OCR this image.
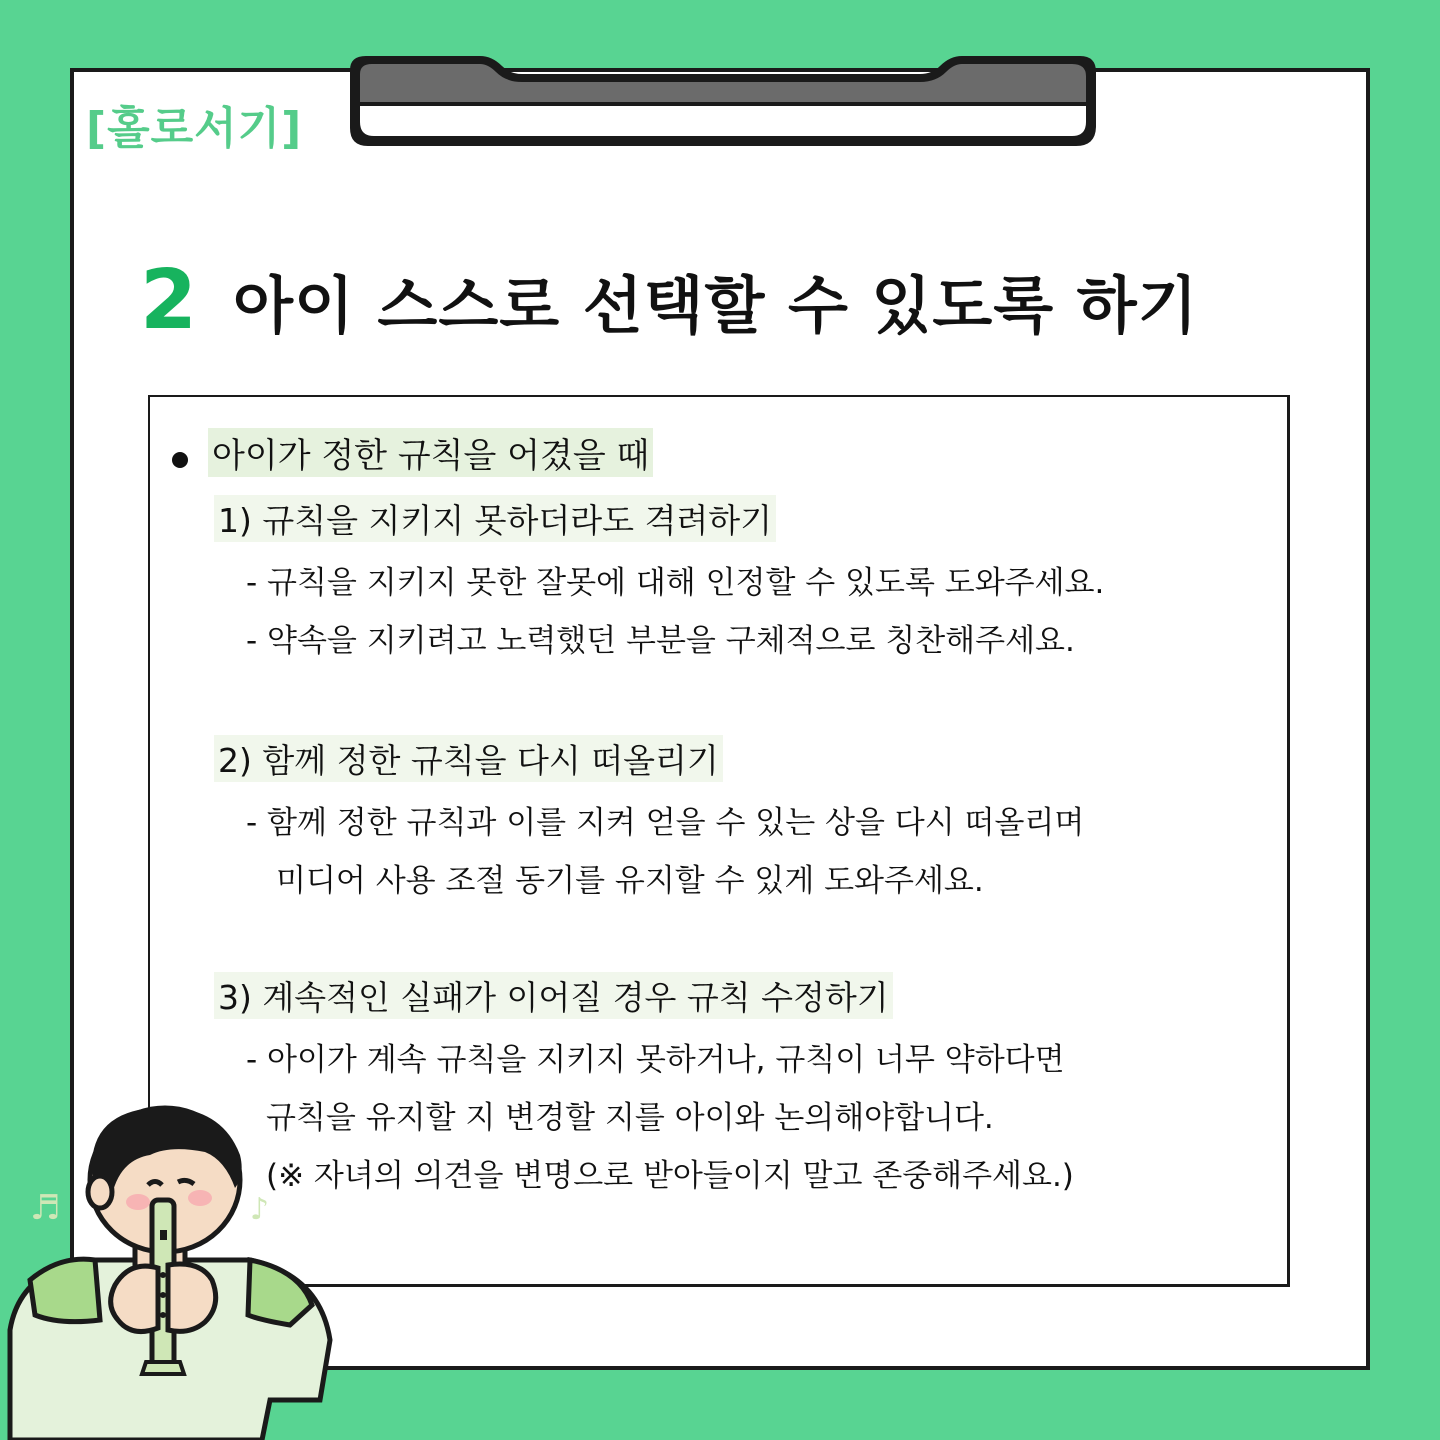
[홀로서기]
2 아이 스스로 선택할 수 있도록 하기
아이가 정한 규칙을 어겼을 때
1) 규칙을 지키지 못하더라도 격려하기
- 규칙을 지키지 못한 잘못에 대해 인정할 수 있도록 도와주세요.
- 약속을 지키려고 노력했던 부분을 구체적으로 칭찬해주세요.
2) 함께 정한 규칙을 다시 떠올리기
- 함께 정한 규칙과 이를 지켜 얻을 수 있는 상을 다시 떠올리며
미디어 사용 조절 동기를 유지할 수 있게 도와주세요.
3) 계속적인 실패가 이어질 경우 규칙 수정하기
- 아이가 계속 규칙을 지키지 못하거나, 규칙이 너무 약하다면
규칙을 유지할 지 변경할 지를 아이와 논의해야합니다.
(※ 자녀의 의견을 변명으로 받아들이지 말고 존중해주세요.)
♬	♪
